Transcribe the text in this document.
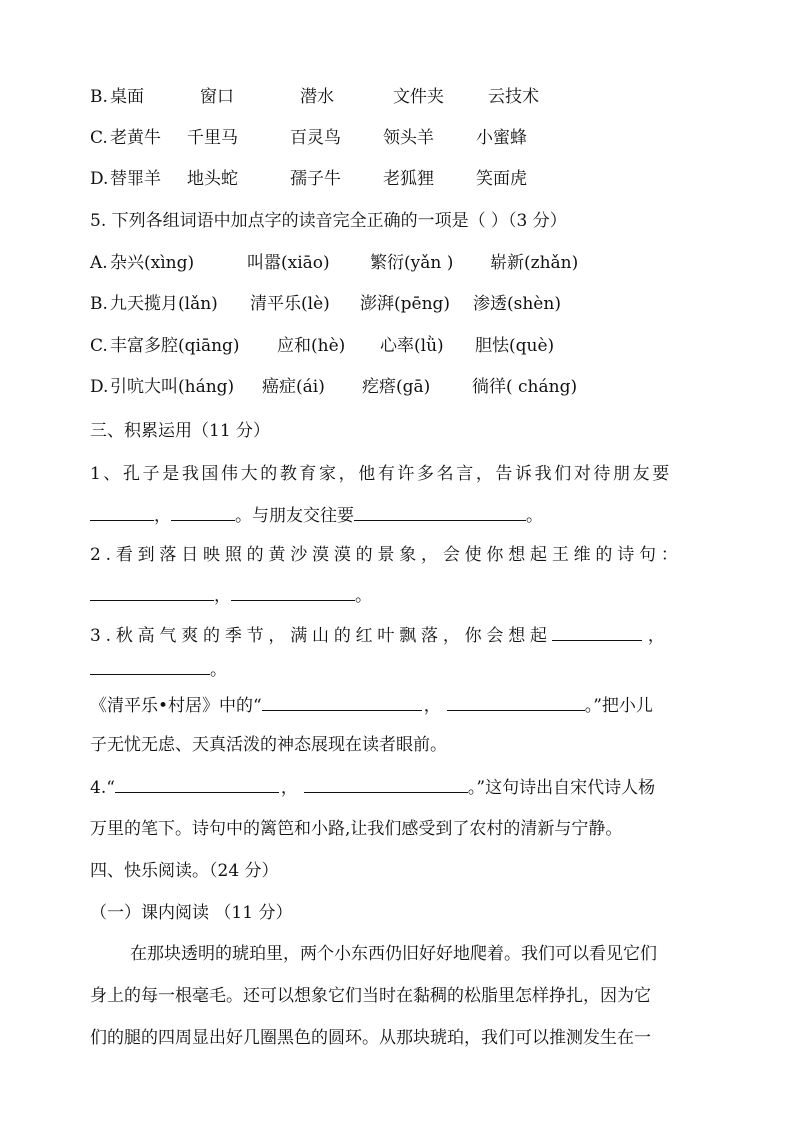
B. 桌面	窗口	潜水	文件夹	云技术
C. 老黄牛 千里马	百灵鸟 领头羊 小蜜蜂
D.替罪羊 地头蛇	孺子牛 老狐狸 笑面虎
5. 下列各组词语中加点字的读音完全正确的一项是（ ）（3 分）
A. 杂兴(xìng)	叫嚣(xiāo) 繁衍(yǎn ) 崭新(zhǎn)
B. 九天揽月(lǎn) 清平乐(lè) 澎湃(pēng) 渗透(shèn)
C. 丰富多腔(qiāng) 应和(hè) 心率(lǜ) 胆怯(què)
D.引吭大叫(háng) 癌症(ái) 疙瘩(gā) 徜徉( cháng)
三、积累运用（11 分）
1、孔子是我国伟大的教育家，他有许多名言，告诉我们对待朋友要
，	。与朋友交往要	。
2.看到落日映照的黄沙漠漠的景象，会使你想起王维的诗句：
，	。
3.秋高气爽的季节，满山的红叶飘落，你会想起	，
。
《清平乐•村居》中的“	，	。”把小儿
子无忧无虑、天真活泼的神态展现在读者眼前。
4.“	，	。”这句诗出自宋代诗人杨
万里的笔下。诗句中的篱笆和小路,让我们感受到了农村的清新与宁静。
四、快乐阅读。（24 分）
（一）课内阅读 （11 分）
在那块透明的琥珀里，两个小东西仍旧好好地爬着。我们可以看见它们
身上的每一根毫毛。还可以想象它们当时在黏稠的松脂里怎样挣扎，因为它
们的腿的四周显出好几圈黑色的圆环。从那块琥珀，我们可以推测发生在一
